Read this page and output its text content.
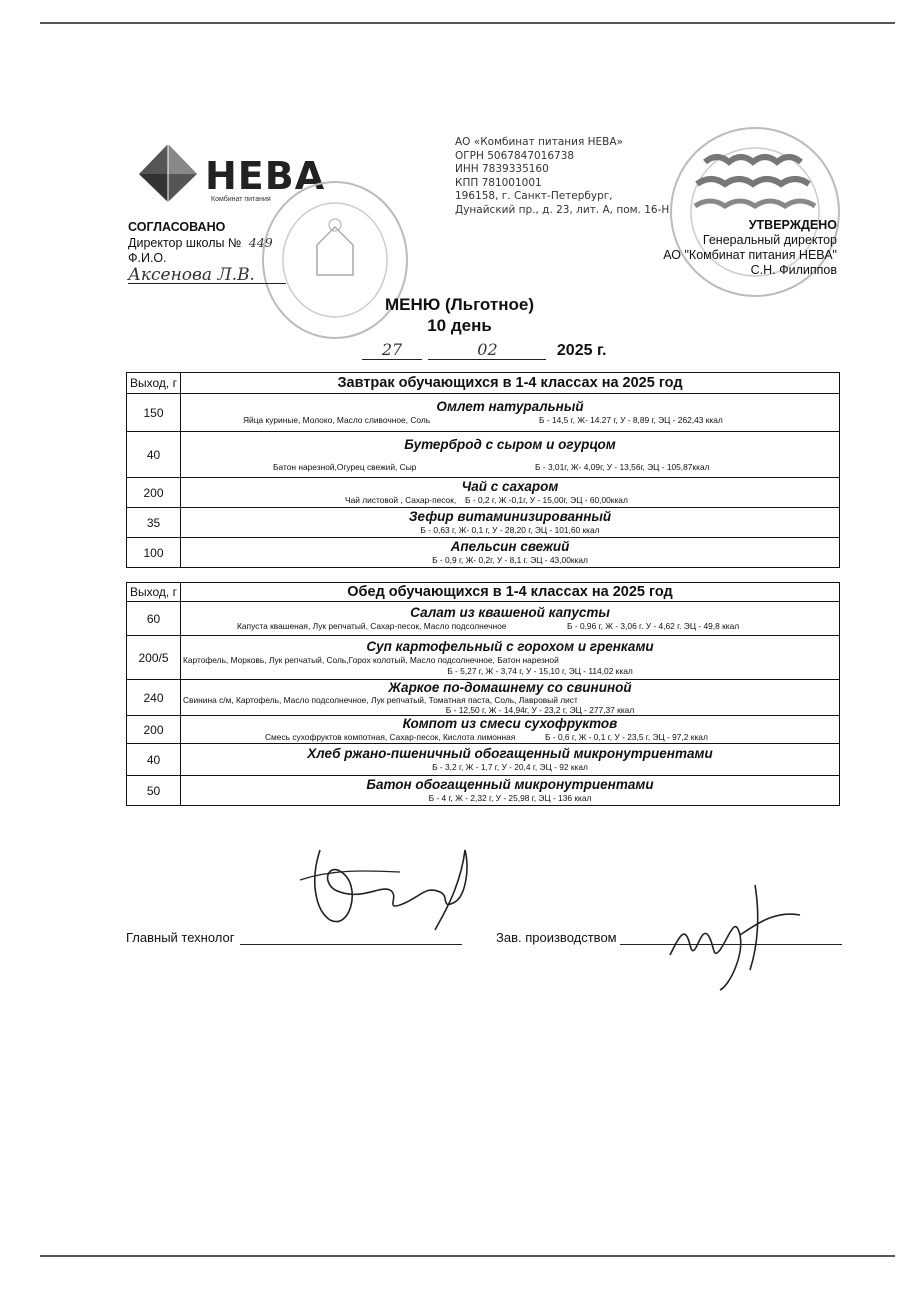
НЕВА
Комбинат питания
АО «Комбинат питания НЕВА»
ОГРН 5067847016738
ИНН 7839335160
КПП 781001001
196158, г. Санкт-Петербург,
Дунайский пр., д. 23, лит. А, пом. 16-Н
СОГЛАСОВАНО
Директор школы № 449
Ф.И.О.
Аксенова Л.В.
УТВЕРЖДЕНО
Генеральный директор
АО "Комбинат питания НЕВА"
С.Н. Филиппов
МЕНЮ (Льготное)
10 день
27	02	2025 г.
Выход, г	Завтрак обучающихся в 1-4 классах на 2025 год
150	Омлет натуральный
Яйца куриные, Молоко, Масло сливочное, Соль Б - 14,5 г, Ж- 14.27 г, У - 8,89 г, ЭЦ - 262,43 ккал

40	Бутерброд с сыром и огурцом
Батон нарезной,Огурец свежий, Сыр Б - 3,01г, Ж- 4,09г, У - 13,56г, ЭЦ - 105,87ккал

200	Чай с сахаром
Чай листовой , Сахар-песок, Б - 0,2 г, Ж -0,1г, У - 15,00г, ЭЦ - 60,00ккал

35	Зефир витаминизированный
Б - 0,63 г, Ж- 0,1 г, У - 28,20 г, ЭЦ - 101,60 ккал

100	Апельсин свежий
Б - 0,9 г, Ж- 0,2г, У - 8,1 г. ЭЦ - 43,00ккал
Выход, г	Обед обучающихся в 1-4 классах на 2025 год
60	Салат из квашеной капусты
Капуста квашеная, Лук репчатый, Сахар-песок, Масло подсолнечное Б - 0,96 г, Ж - 3,06 г. У - 4,62 г. ЭЦ - 49,8 ккал

200/5	Суп картофельный с горохом и гренками
Картофель, Морковь, Лук репчатый, Соль,Горох колотый, Масло подсолнечное, Батон нарезной
Б - 5,27 г, Ж - 3,74 г, У - 15,10 г, ЭЦ - 114,02 ккал

240	Жаркое по-домашнему со свининой
Свинина с/м, Картофель, Масло подсолнечное, Лук репчатый, Томатная паста, Соль, Лавровый лист
Б - 12,50 г, Ж - 14,94г, У - 23,2 г, ЭЦ - 277,37 ккал

200	Компот из смеси сухофруктов
Смесь сухофруктов компотная, Сахар-песок, Кислота лимонная Б - 0,6 г, Ж - 0,1 г, У - 23,5 г, ЭЦ - 97,2 ккал

40	Хлеб ржано-пшеничный обогащенный микронутриентами
Б - 3,2 г, Ж - 1,7 г, У - 20,4 г, ЭЦ - 92 ккал

50	Батон обогащенный микронутриентами
Б - 4 г, Ж - 2,32 г, У - 25,98 г, ЭЦ - 136 ккал
Главный технолог	Зав. производством
